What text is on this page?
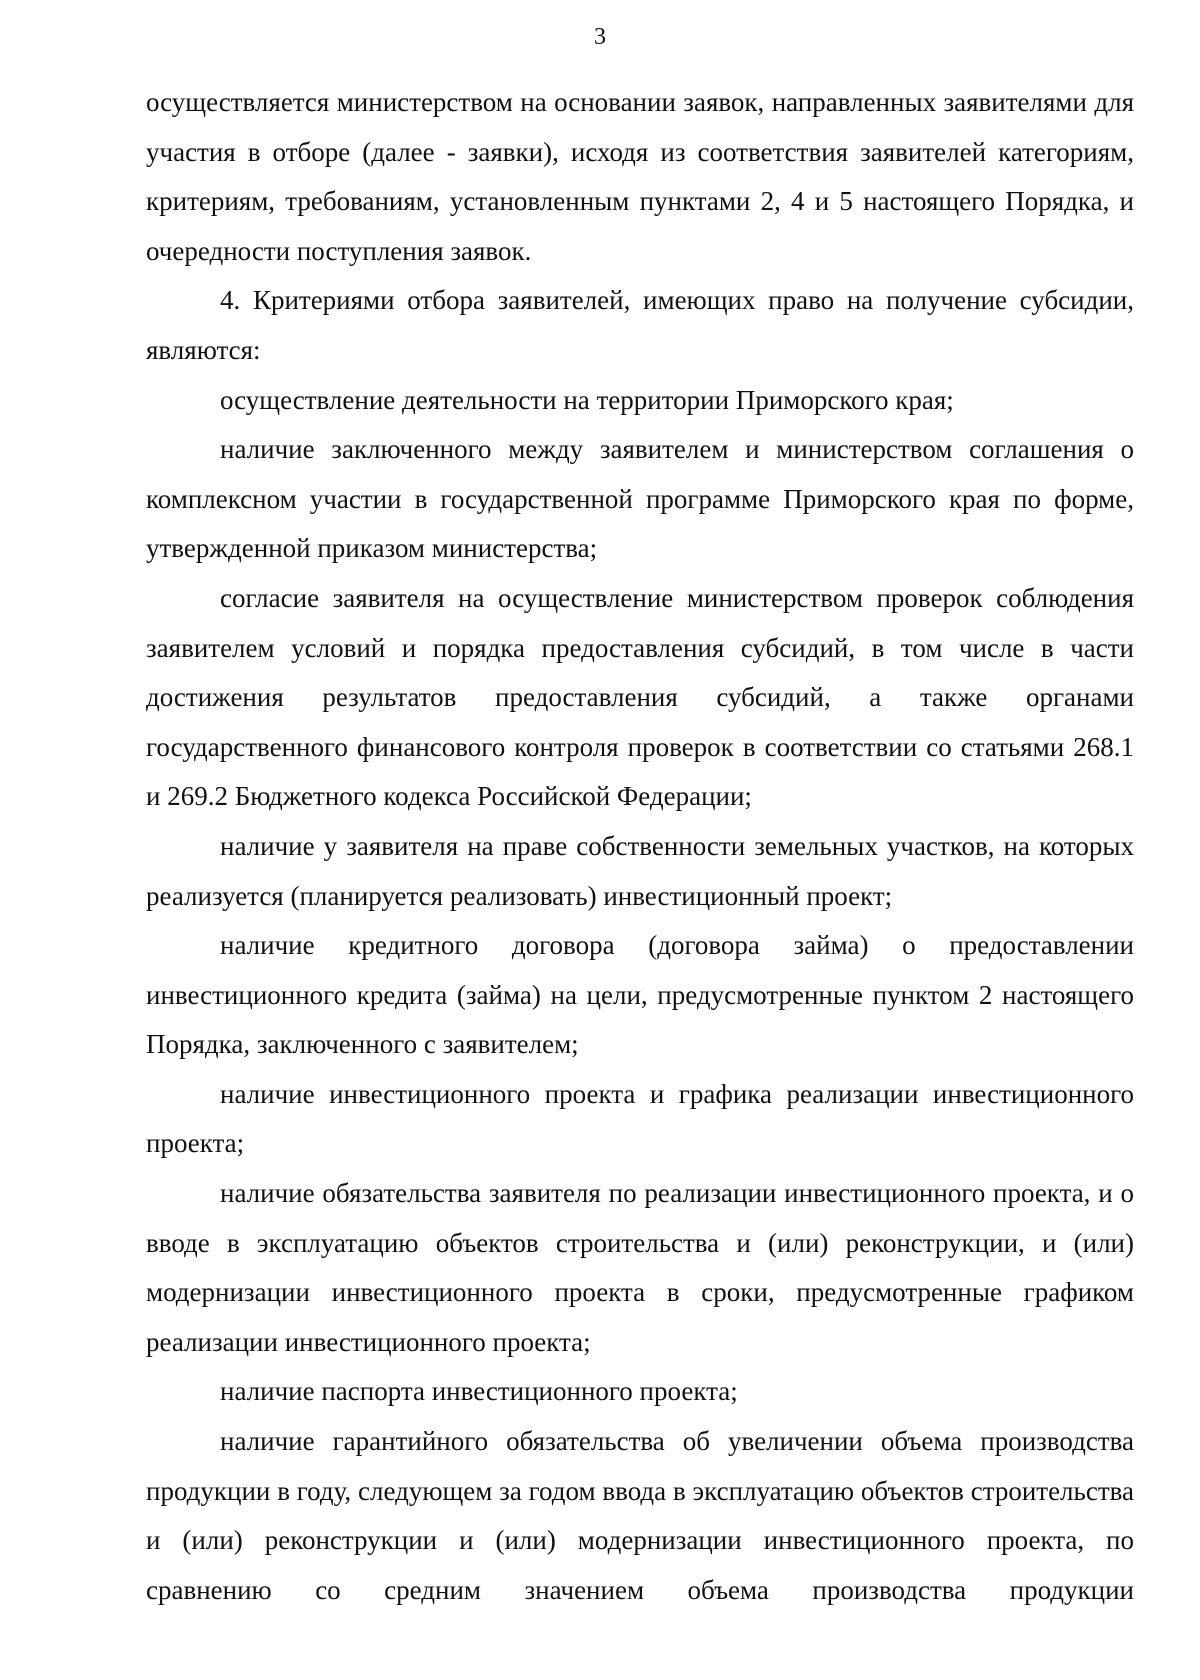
3

осуществляется министерством на основании заявок, направленных заявителями для участия в отборе (далее - заявки), исходя из соответствия заявителей категориям, критериям, требованиям, установленным пунктами 2, 4 и 5 настоящего Порядка, и очередности поступления заявок.

4. Критериями отбора заявителей, имеющих право на получение субсидии, являются:

осуществление деятельности на территории Приморского края;

наличие заключенного между заявителем и министерством соглашения о комплексном участии в государственной программе Приморского края по форме, утвержденной приказом министерства;

согласие заявителя на осуществление министерством проверок соблюдения заявителем условий и порядка предоставления субсидий, в том числе в части достижения результатов предоставления субсидий, а также органами государственного финансового контроля проверок в соответствии со статьями 268.1 и 269.2 Бюджетного кодекса Российской Федерации;

наличие у заявителя на праве собственности земельных участков, на которых реализуется (планируется реализовать) инвестиционный проект;

наличие кредитного договора (договора займа) о предоставлении инвестиционного кредита (займа) на цели, предусмотренные пунктом 2 настоящего Порядка, заключенного с заявителем;

наличие инвестиционного проекта и графика реализации инвестиционного проекта;

наличие обязательства заявителя по реализации инвестиционного проекта, и о вводе в эксплуатацию объектов строительства и (или) реконструкции, и (или) модернизации инвестиционного проекта в сроки, предусмотренные графиком реализации инвестиционного проекта;

наличие паспорта инвестиционного проекта;

наличие гарантийного обязательства об увеличении объема производства продукции в году, следующем за годом ввода в эксплуатацию объектов строительства и (или) реконструкции и (или) модернизации инвестиционного проекта, по сравнению со средним значением объема производства продукции
